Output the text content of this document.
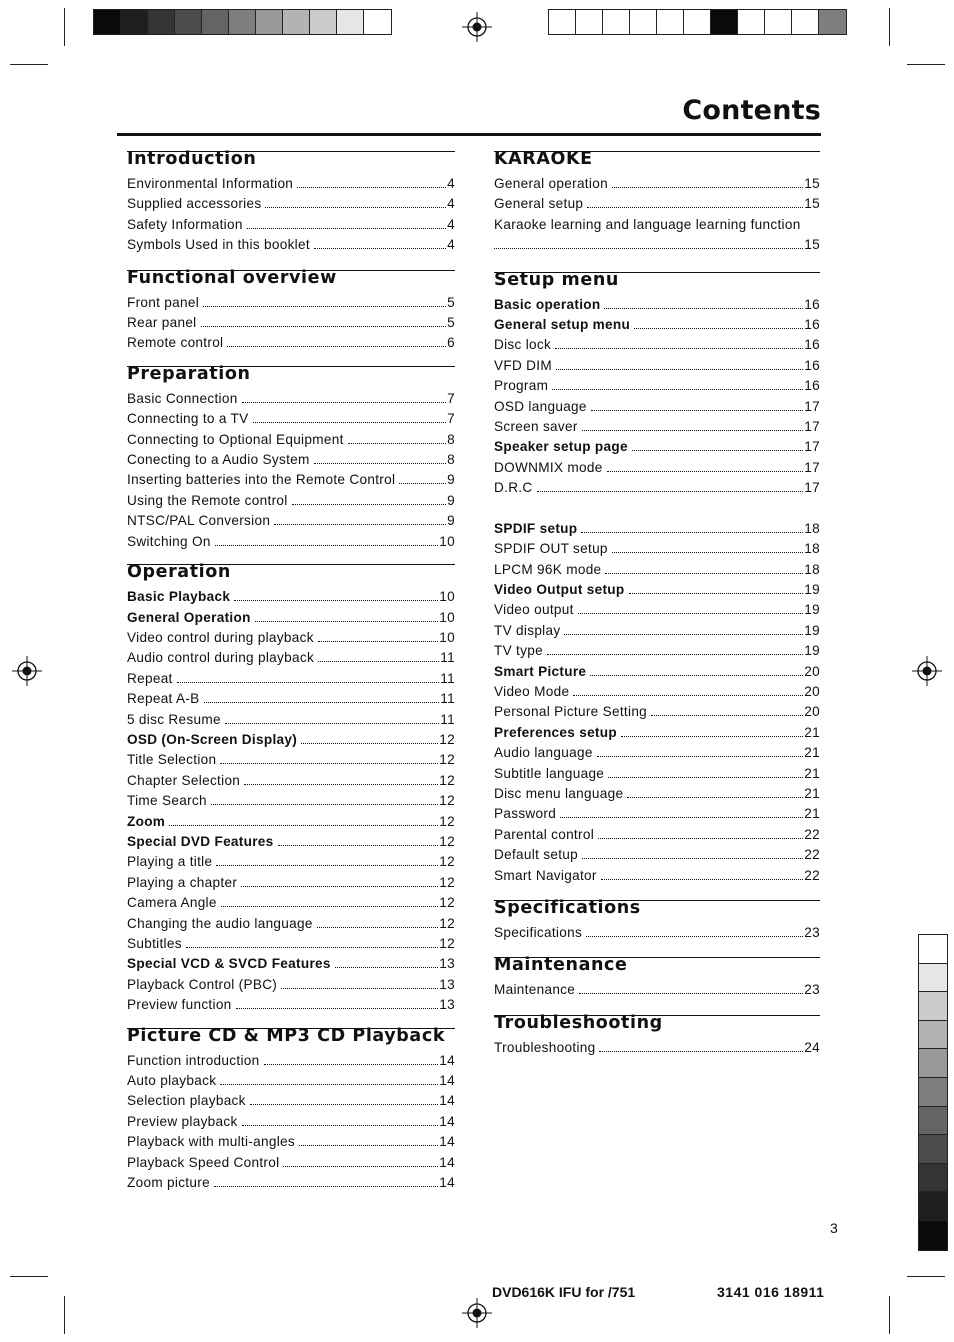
Contents
Introduction
Environmental Information	4
Supplied accessories	4
Safety Information	4
Symbols Used in this booklet	4
Functional overview
Front panel	5
Rear panel	5
Remote control	6
Preparation
Basic Connection	7
Connecting to a TV	7
Connecting to Optional Equipment	8
Conecting to a Audio System	8
Inserting batteries into the Remote Control	9
Using the Remote control	9
NTSC/PAL Conversion	9
Switching On	10
Operation
Basic Playback	10
General Operation	10
Video control during playback	10
Audio control during playback	11
Repeat	11
Repeat A-B	11
5 disc Resume	11
OSD (On-Screen Display)	12
Title Selection	12
Chapter Selection	12
Time Search	12
Zoom	12
Special DVD Features	12
Playing a title	12
Playing a chapter	12
Camera Angle	12
Changing the audio language	12
Subtitles	12
Special VCD & SVCD Features	13
Playback Control (PBC)	13
Preview function	13
Picture CD & MP3 CD Playback
Function introduction	14
Auto playback	14
Selection playback	14
Preview playback	14
Playback with multi-angles	14
Playback Speed Control	14
Zoom picture	14
KARAOKE
General operation	15
General setup	15
Karaoke learning and language learning function
15
Setup menu
Basic operation	16
General setup menu	16
Disc lock	16
VFD DIM	16
Program	16
OSD language	17
Screen saver	17
Speaker setup page	17
DOWNMIX mode	17
D.R.C	17
SPDIF setup	18
SPDIF OUT setup	18
LPCM 96K mode	18
Video Output setup	19
Video output	19
TV display	19
TV type	19
Smart Picture	20
Video Mode	20
Personal Picture Setting	20
Preferences setup	21
Audio language	21
Subtitle language	21
Disc menu language	21
Password	21
Parental control	22
Default setup	22
Smart Navigator	22
Specifications
Specifications	23
Maintenance
Maintenance	23
Troubleshooting
Troubleshooting	24
3
DVD616K IFU for /751	3141 016 18911
